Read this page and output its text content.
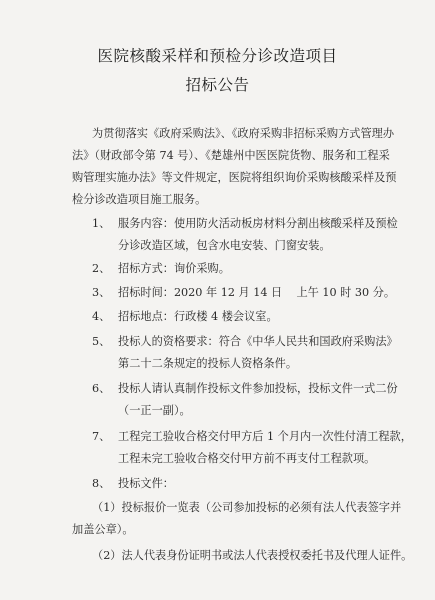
医院核酸采样和预检分诊改造项目
招标公告
为贯彻落实《政府采购法》、《政府采购非招标采购方式管理办
法》（财政部令第 74 号）、《楚雄州中医医院货物、服务和工程采
购管理实施办法》等文件规定，医院将组织询价采购核酸采样及预
检分诊改造项目施工服务。
1、 服务内容：使用防火活动板房材料分割出核酸采样及预检
分诊改造区域，包含水电安装、门窗安装。
2、 招标方式：询价采购。
3、 招标时间：2020 年 12 月 14 日    上午 10 时 30 分。
4、 招标地点：行政楼 4 楼会议室。
5、 投标人的资格要求：符合《中华人民共和国政府采购法》
第二十二条规定的投标人资格条件。
6、 投标人请认真制作投标文件参加投标，投标文件一式二份
（一正一副）。
7、 工程完工验收合格交付甲方后 1 个月内一次性付清工程款，
工程未完工验收合格交付甲方前不再支付工程款项。
8、 投标文件：
（1）投标报价一览表（公司参加投标的必须有法人代表签字并
加盖公章）。
（2）法人代表身份证明书或法人代表授权委托书及代理人证件。
